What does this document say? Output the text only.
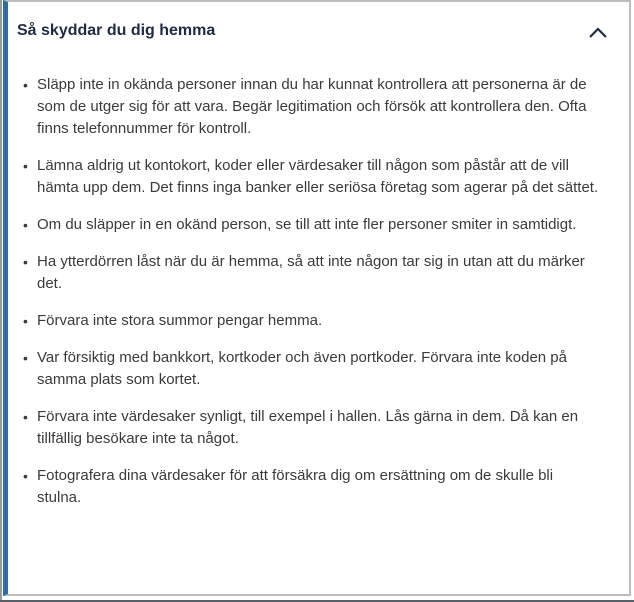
Så skyddar du dig hemma
• Släpp inte in okända personer innan du har kunnat kontrollera att personerna är de som de utger sig för att vara. Begär legitimation och försök att kontrollera den. Ofta finns telefonnummer för kontroll.
• Lämna aldrig ut kontokort, koder eller värdesaker till någon som påstår att de vill hämta upp dem. Det finns inga banker eller seriösa företag som agerar på det sättet.
• Om du släpper in en okänd person, se till att inte fler personer smiter in samtidigt.
• Ha ytterdörren låst när du är hemma, så att inte någon tar sig in utan att du märker det.
• Förvara inte stora summor pengar hemma.
• Var försiktig med bankkort, kortkoder och även portkoder. Förvara inte koden på samma plats som kortet.
• Förvara inte värdesaker synligt, till exempel i hallen. Lås gärna in dem. Då kan en tillfällig besökare inte ta något.
• Fotografera dina värdesaker för att försäkra dig om ersättning om de skulle bli stulna.
